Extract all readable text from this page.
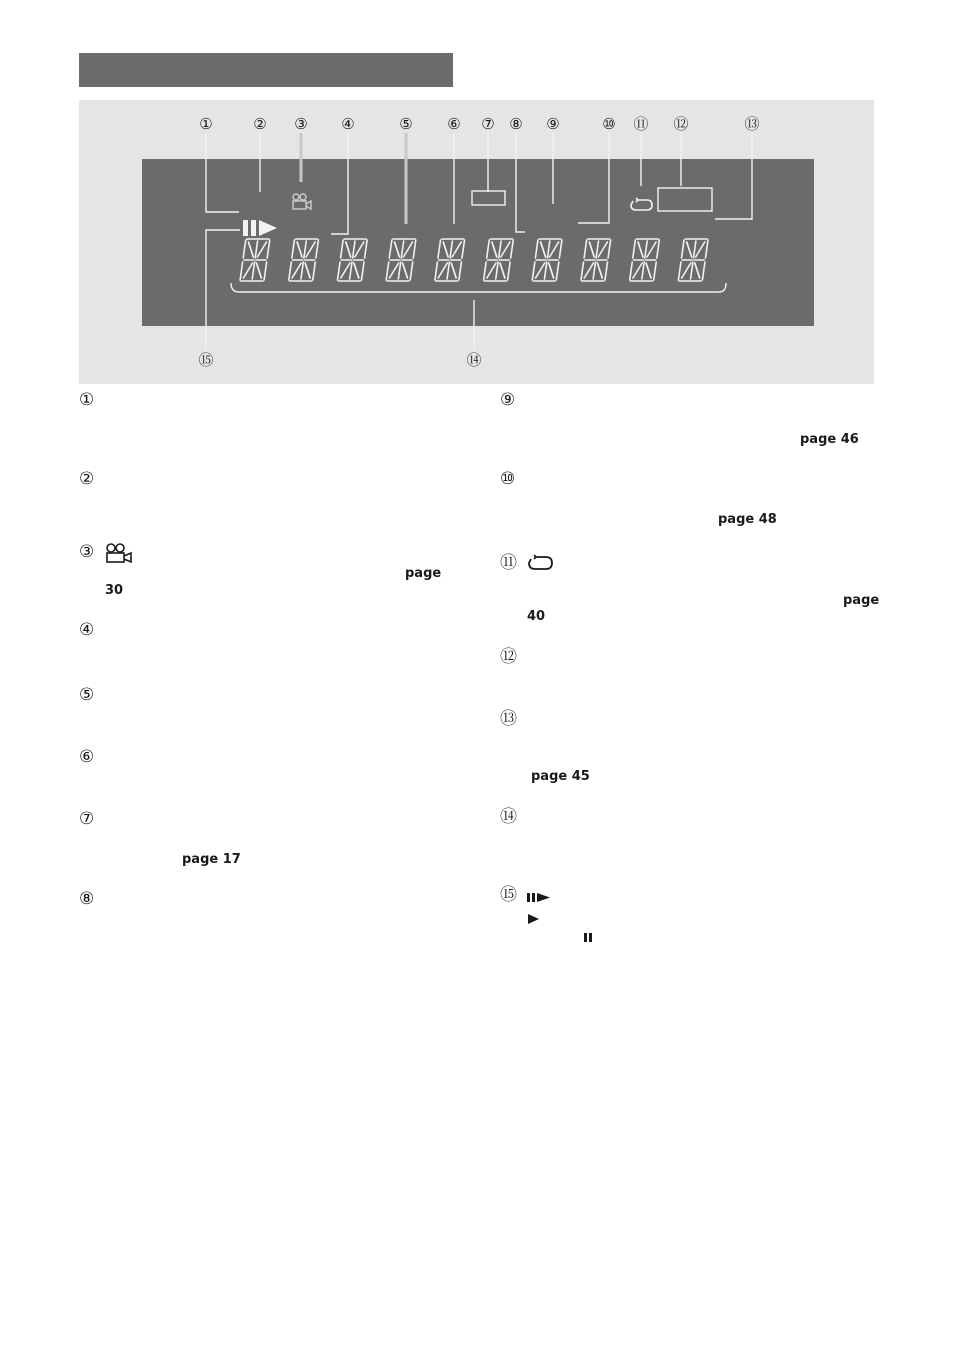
①	② ③ ④	⑤ ⑥ ⑦ ⑧ ⑨	⑩ ⑪ ⑫	⑬
⑮	⑭
①
②
③
page
30
④
⑤
⑥
⑦
page 17
⑧
⑨
page 46
⑩
page 48
⑪
page
40
⑫
⑬
page 45
⑭
⑮
